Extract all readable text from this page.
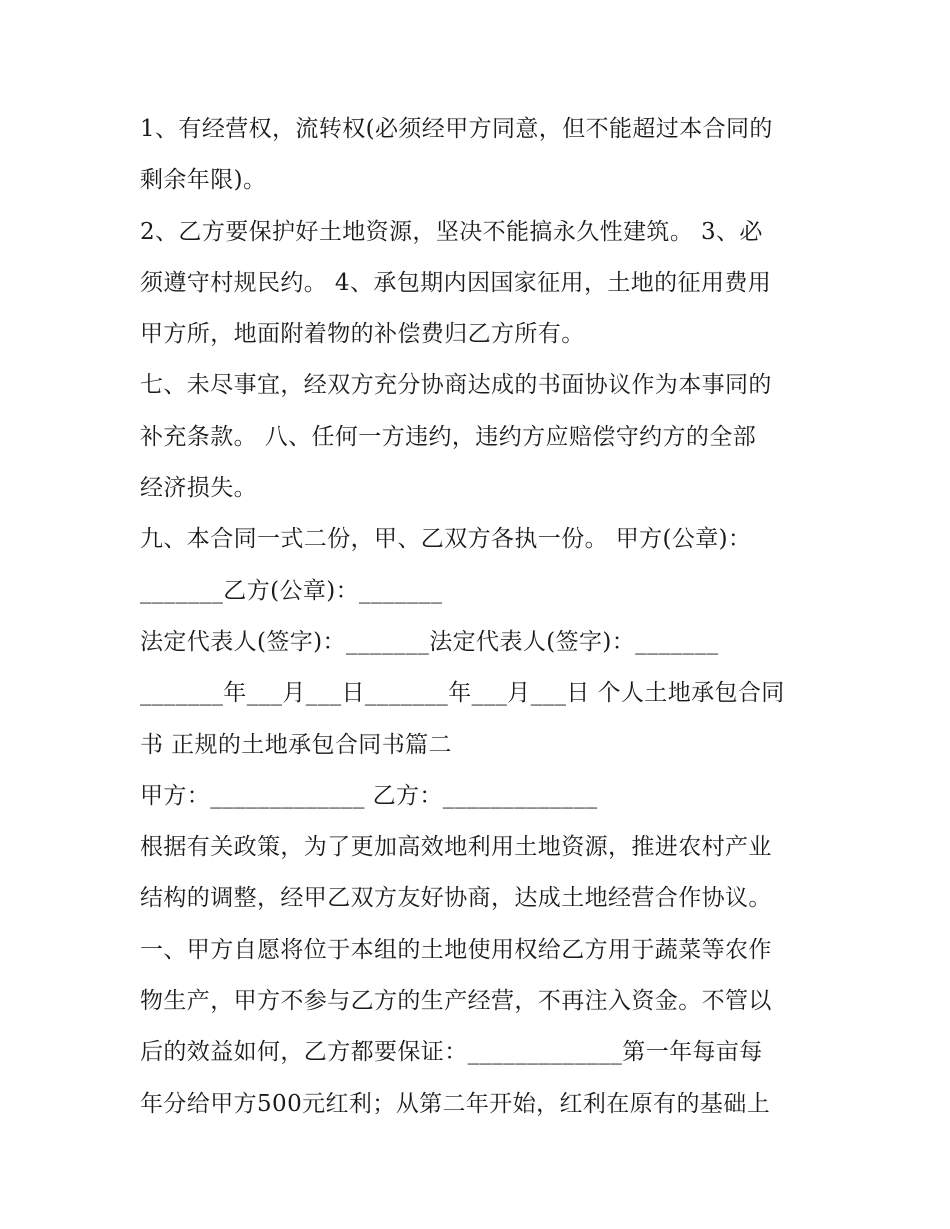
1、有经营权，流转权(必须经甲方同意，但不能超过本合同的
剩余年限)。
2、乙方要保护好土地资源，坚决不能搞永久性建筑。 3、必
须遵守村规民约。 4、承包期内因国家征用，土地的征用费用
甲方所，地面附着物的补偿费归乙方所有。
七、未尽事宜，经双方充分协商达成的书面协议作为本事同的
补充条款。 八、任何一方违约，违约方应赔偿守约方的全部
经济损失。
九、本合同一式二份，甲、乙双方各执一份。 甲方(公章)：
_______乙方(公章)：_______
法定代表人(签字)：_______法定代表人(签字)：_______
_______年___月___日_______年___月___日 个人土地承包合同
书 正规的土地承包合同书篇二
甲方：_____________ 乙方：_____________
根据有关政策，为了更加高效地利用土地资源，推进农村产业
结构的调整，经甲乙双方友好协商，达成土地经营合作协议。
一、甲方自愿将位于本组的土地使用权给乙方用于蔬菜等农作
物生产，甲方不参与乙方的生产经营，不再注入资金。不管以
后的效益如何，乙方都要保证：_____________第一年每亩每
年分给甲方500元红利；从第二年开始，红利在原有的基础上
